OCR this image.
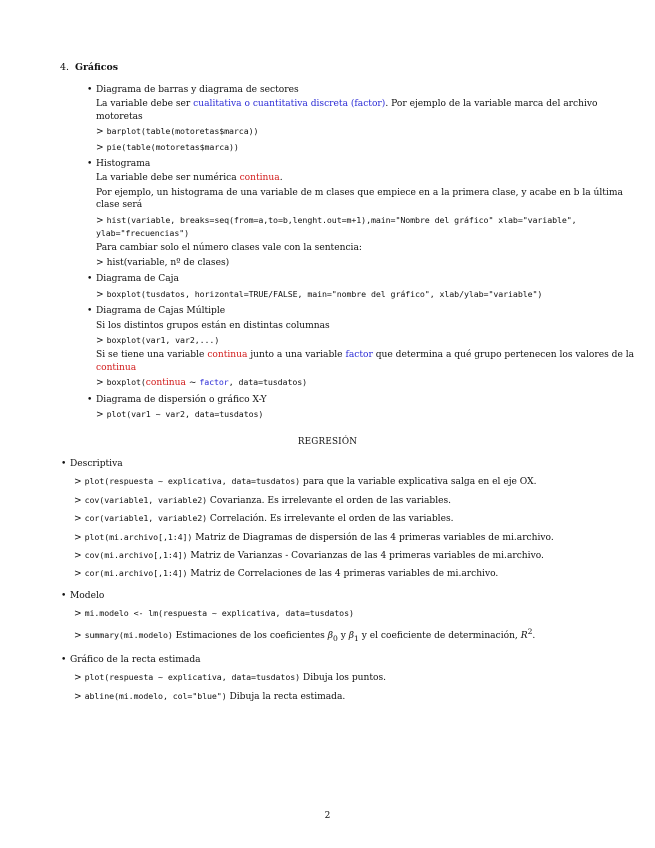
4. Gráficos
• Diagrama de barras y diagrama de sectores
La variable debe ser cualitativa o cuantitativa discreta (factor). Por ejemplo de la variable marca del archivo motoretas
> barplot(table(motoretas$marca))
> pie(table(motoretas$marca))
• Histograma
La variable debe ser numérica continua.
Por ejemplo, un histograma de una variable de m clases que empiece en a la primera clase, y acabe en b la última clase será
> hist(variable, breaks=seq(from=a,to=b,lenght.out=m+1),main="Nombre del gráfico" xlab="variable", ylab="frecuencias")
Para cambiar solo el número clases vale con la sentencia:
> hist(variable, nº de clases)
• Diagrama de Caja
> boxplot(tusdatos, horizontal=TRUE/FALSE, main="nombre del gráfico", xlab/ylab="variable")
• Diagrama de Cajas Múltiple
Si los distintos grupos están en distintas columnas
> boxplot(var1, var2,...)
Si se tiene una variable continua junto a una variable factor que determina a qué grupo pertenecen los valores de la continua
> boxplot(continua ~ factor, data=tusdatos)
• Diagrama de dispersión o gráfico X-Y
> plot(var1 ~ var2, data=tusdatos)
REGRESIÓN
• Descriptiva
> plot(respuesta ~ explicativa, data=tusdatos) para que la variable explicativa salga en el eje OX.
> cov(variable1, variable2) Covarianza. Es irrelevante el orden de las variables.
> cor(variable1, variable2) Correlación. Es irrelevante el orden de las variables.
> plot(mi.archivo[,1:4]) Matriz de Diagramas de dispersión de las 4 primeras variables de mi.archivo.
> cov(mi.archivo[,1:4]) Matriz de Varianzas - Covarianzas de las 4 primeras variables de mi.archivo.
> cor(mi.archivo[,1:4]) Matriz de Correlaciones de las 4 primeras variables de mi.archivo.
• Modelo
> mi.modelo <- lm(respuesta ~ explicativa, data=tusdatos)
> summary(mi.modelo) Estimaciones de los coeficientes $\beta_0$ y $\beta_1$ y el coeficiente de determinación, $R^2$.
• Gráfico de la recta estimada
> plot(respuesta ~ explicativa, data=tusdatos) Dibuja los puntos.
> abline(mi.modelo, col="blue") Dibuja la recta estimada.
2
